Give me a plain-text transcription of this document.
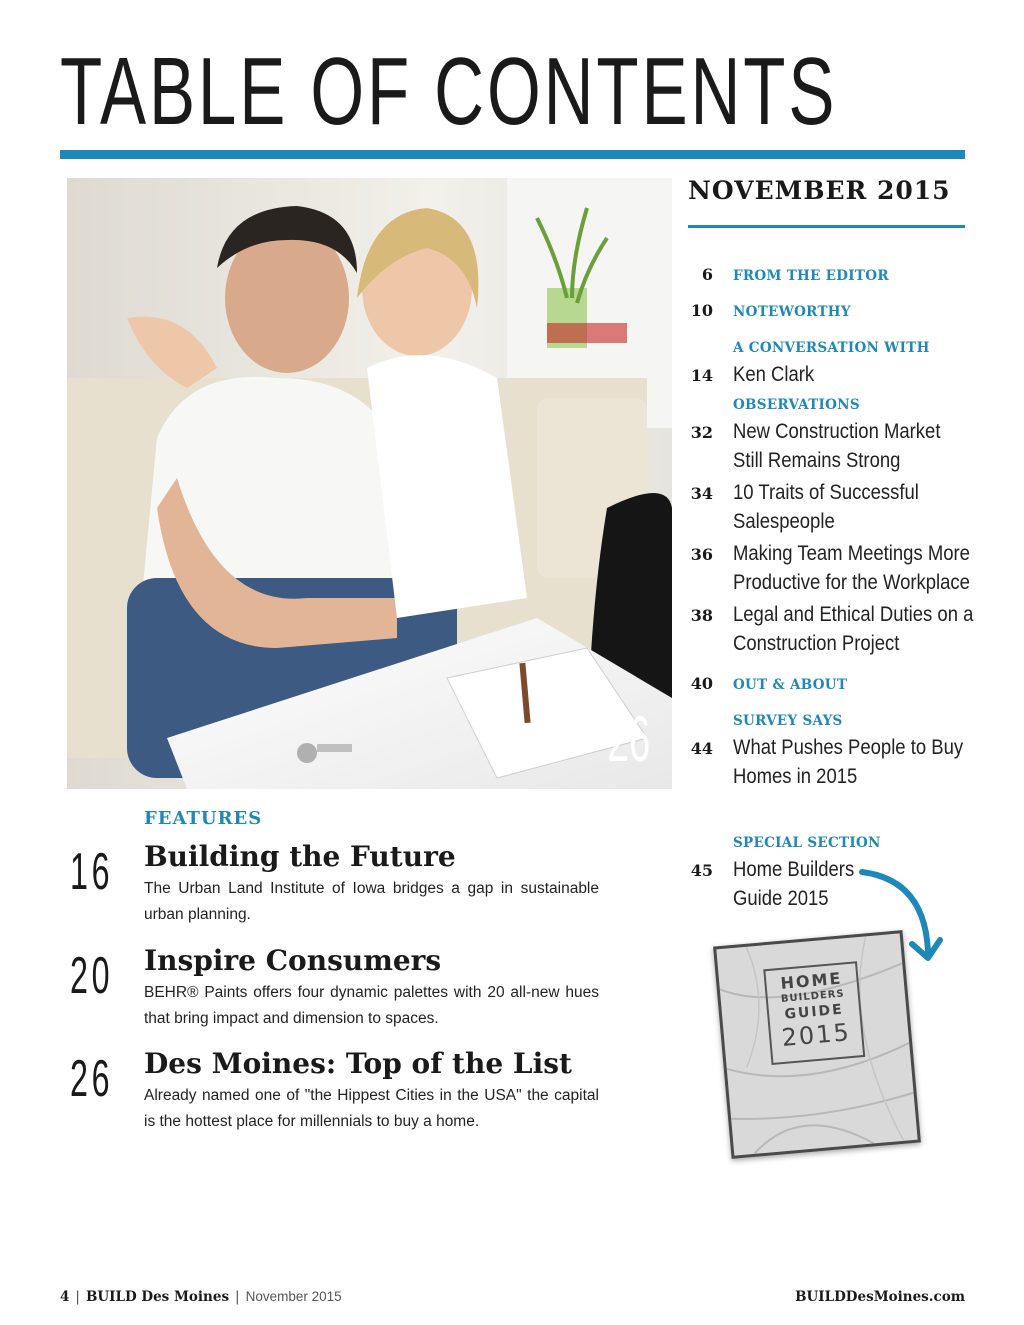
TABLE OF CONTENTS
26
NOVEMBER 2015
6 FROM THE EDITOR
10 NOTEWORTHY
A CONVERSATION WITH
14 Ken Clark
OBSERVATIONS
32 New Construction Market
Still Remains Strong
34 10 Traits of Successful
Salespeople
36 Making Team Meetings More
Productive for the Workplace
38 Legal and Ethical Duties on a
Construction Project
40 OUT & ABOUT
SURVEY SAYS
44 What Pushes People to Buy
Homes in 2015
SPECIAL SECTION
45 Home Builders
Guide 2015
HOME
BUILDERS
GUIDE
2015
FEATURES
16 Building the Future
The Urban Land Institute of Iowa bridges a gap in sustainable urban planning.
20 Inspire Consumers
BEHR® Paints offers four dynamic palettes with 20 all-new hues that bring impact and dimension to spaces.
26 Des Moines: Top of the List
Already named one of "the Hippest Cities in the USA" the capital is the hottest place for millennials to buy a home.
4 | BUILD Des Moines | November 2015	BUILDDesMoines.com
